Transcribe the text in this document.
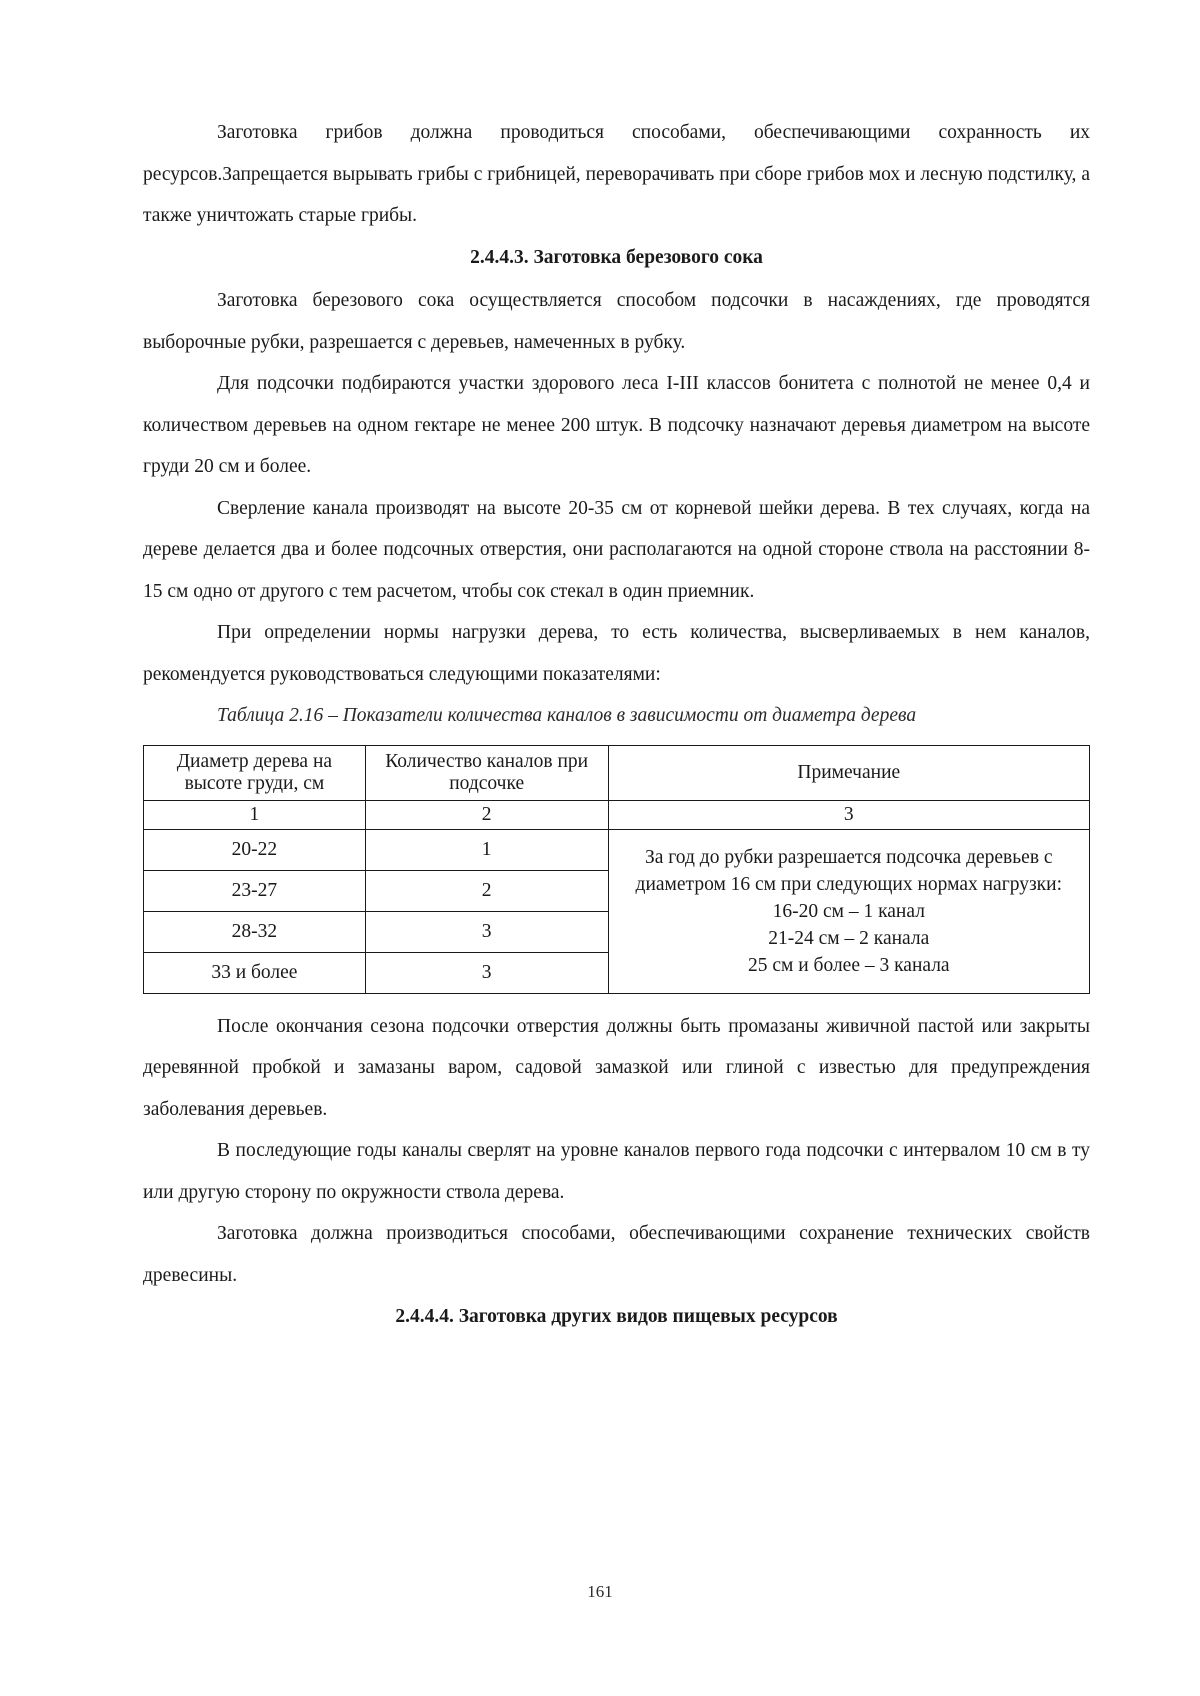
Заготовка грибов должна проводиться способами, обеспечивающими сохранность их ресурсов.Запрещается вырывать грибы с грибницей, переворачивать при сборе грибов мох и лесную подстилку, а также уничтожать старые грибы.

2.4.4.3. Заготовка березового сока

Заготовка березового сока осуществляется способом подсочки в насаждениях, где проводятся выборочные рубки, разрешается с деревьев, намеченных в рубку.

Для подсочки подбираются участки здорового леса I-III классов бонитета с полнотой не менее 0,4 и количеством деревьев на одном гектаре не менее 200 штук. В подсочку назначают деревья диаметром на высоте груди 20 см и более.

Сверление канала производят на высоте 20-35 см от корневой шейки дерева. В тех случаях, когда на дереве делается два и более подсочных отверстия, они располагаются на одной стороне ствола на расстоянии 8-15 см одно от другого с тем расчетом, чтобы сок стекал в один приемник.

При определении нормы нагрузки дерева, то есть количества, высверливаемых в нем каналов, рекомендуется руководствоваться следующими показателями:

Таблица 2.16 – Показатели количества каналов в зависимости от диаметра дерева

Диаметр дерева на высоте груди, см	Количество каналов при подсочке	Примечание
1	2	3
20-22	1	За год до рубки разрешается подсочка деревьев с диаметром 16 см при следующих нормах нагрузки:
16-20 см – 1 канал
21-24 см – 2 канала
25 см и более – 3 канала

23-27	2	
28-32	3	
33 и более	3	

После окончания сезона подсочки отверстия должны быть промазаны живичной пастой или закрыты деревянной пробкой и замазаны варом, садовой замазкой или глиной с известью для предупреждения заболевания деревьев.

В последующие годы каналы сверлят на уровне каналов первого года подсочки с интервалом 10 см в ту или другую сторону по окружности ствола дерева.

Заготовка должна производиться способами, обеспечивающими сохранение технических свойств древесины.

2.4.4.4. Заготовка других видов пищевых ресурсов

161
